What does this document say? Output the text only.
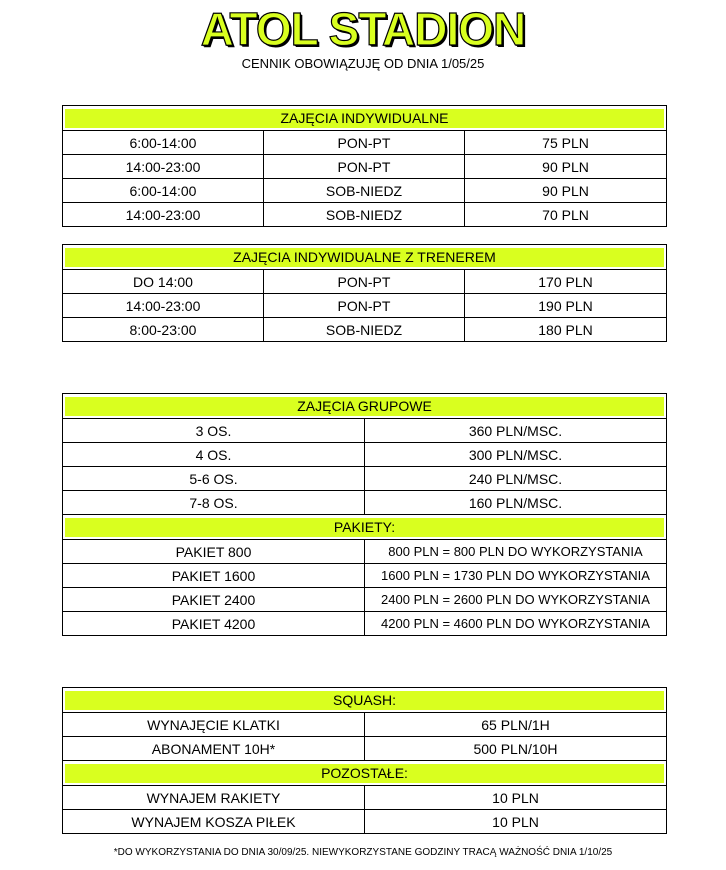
ATOL STADION
CENNIK OBOWIĄZUJĘ OD DNIA 1/05/25
ZAJĘCIA INDYWIDUALNE		

6:00-14:00	PON-PT	75 PLN
14:00-23:00	PON-PT	90 PLN
6:00-14:00	SOB-NIEDZ	90 PLN
14:00-23:00	SOB-NIEDZ	70 PLN
ZAJĘCIA INDYWIDUALNE Z TRENEREM		

DO 14:00	PON-PT	170 PLN
14:00-23:00	PON-PT	190 PLN
8:00-23:00	SOB-NIEDZ	180 PLN
ZAJĘCIA GRUPOWE	

3 OS.	360 PLN/MSC.
4 OS.	300 PLN/MSC.
5-6 OS.	240 PLN/MSC.
7-8 OS.	160 PLN/MSC.

PAKIETY:	

PAKIET 800	800 PLN = 800 PLN DO WYKORZYSTANIA
PAKIET 1600	1600 PLN = 1730 PLN DO WYKORZYSTANIA
PAKIET 2400	2400 PLN = 2600 PLN DO WYKORZYSTANIA
PAKIET 4200	4200 PLN = 4600 PLN DO WYKORZYSTANIA
SQUASH:	

WYNAJĘCIE KLATKI	65 PLN/1H
ABONAMENT 10H*	500 PLN/10H

POZOSTAŁE:	

WYNAJEM RAKIETY	10 PLN
WYNAJEM KOSZA PIŁEK	10 PLN
*DO WYKORZYSTANIA DO DNIA 30/09/25. NIEWYKORZYSTANE GODZINY TRACĄ WAŻNOŚĆ DNIA 1/10/25
